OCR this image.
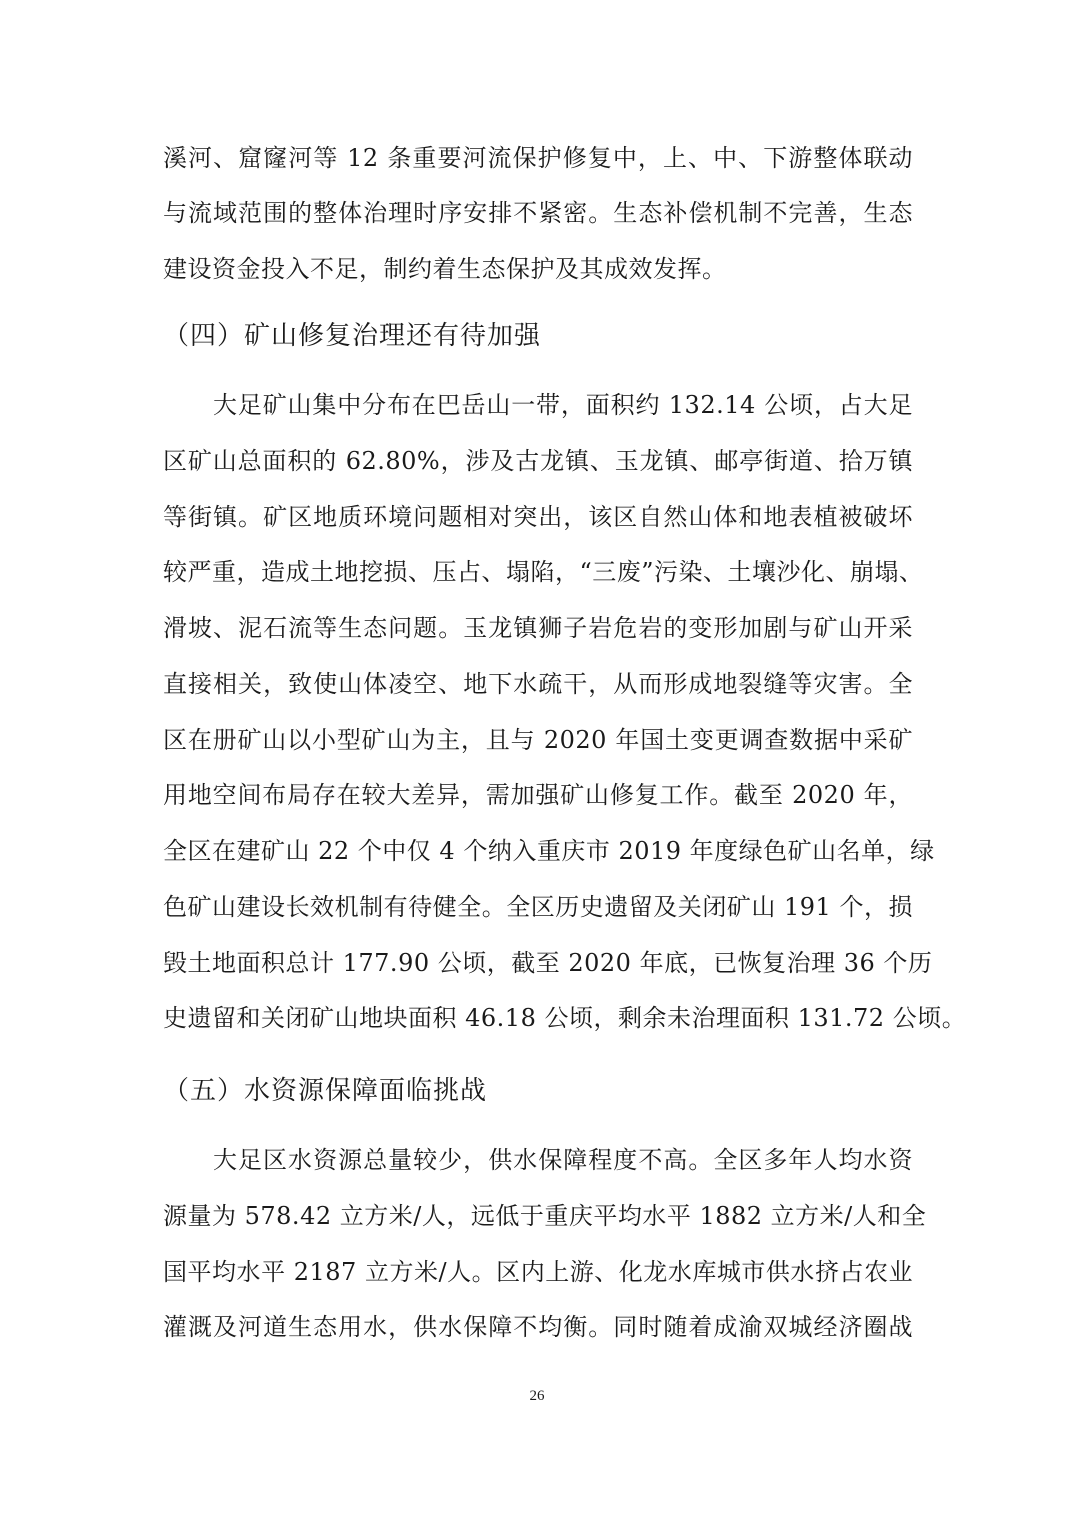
溪河、窟窿河等 12 条重要河流保护修复中，上、中、下游整体联动
与流域范围的整体治理时序安排不紧密。生态补偿机制不完善，生态
建设资金投入不足，制约着生态保护及其成效发挥。
（四）矿山修复治理还有待加强
大足矿山集中分布在巴岳山一带，面积约 132.14 公顷，占大足
区矿山总面积的 62.80%，涉及古龙镇、玉龙镇、邮亭街道、拾万镇
等街镇。矿区地质环境问题相对突出，该区自然山体和地表植被破坏
较严重，造成土地挖损、压占、塌陷，“三废”污染、土壤沙化、崩塌、
滑坡、泥石流等生态问题。玉龙镇狮子岩危岩的变形加剧与矿山开采
直接相关，致使山体凌空、地下水疏干，从而形成地裂缝等灾害。全
区在册矿山以小型矿山为主，且与 2020 年国土变更调查数据中采矿
用地空间布局存在较大差异，需加强矿山修复工作。截至 2020 年，
全区在建矿山 22 个中仅 4 个纳入重庆市 2019 年度绿色矿山名单，绿
色矿山建设长效机制有待健全。全区历史遗留及关闭矿山 191 个，损
毁土地面积总计 177.90 公顷，截至 2020 年底，已恢复治理 36 个历
史遗留和关闭矿山地块面积 46.18 公顷，剩余未治理面积 131.72 公顷。
（五）水资源保障面临挑战
大足区水资源总量较少，供水保障程度不高。全区多年人均水资
源量为 578.42 立方米/人，远低于重庆平均水平 1882 立方米/人和全
国平均水平 2187 立方米/人。区内上游、化龙水库城市供水挤占农业
灌溉及河道生态用水，供水保障不均衡。同时随着成渝双城经济圈战
26
